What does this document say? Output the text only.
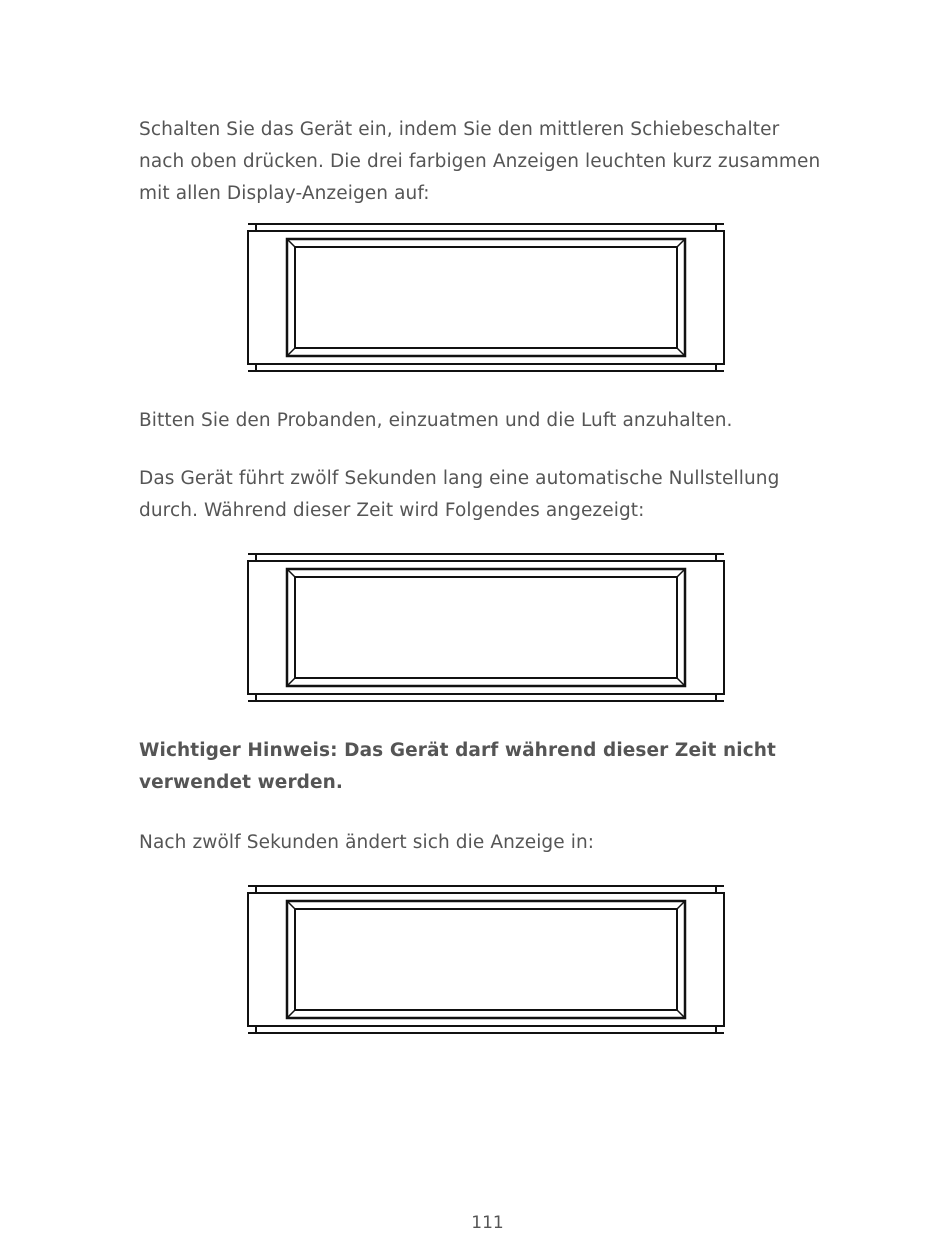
Schalten Sie das Gerät ein, indem Sie den mittleren Schiebeschalter nach oben drücken. Die drei farbigen Anzeigen leuchten kurz zusammen mit allen Display-Anzeigen auf:

Bitten Sie den Probanden, einzuatmen und die Luft anzuhalten.

Das Gerät führt zwölf Sekunden lang eine automatische Nullstellung durch. Während dieser Zeit wird Folgendes angezeigt:

Wichtiger Hinweis: Das Gerät darf während dieser Zeit nicht verwendet werden.

Nach zwölf Sekunden ändert sich die Anzeige in:

111
